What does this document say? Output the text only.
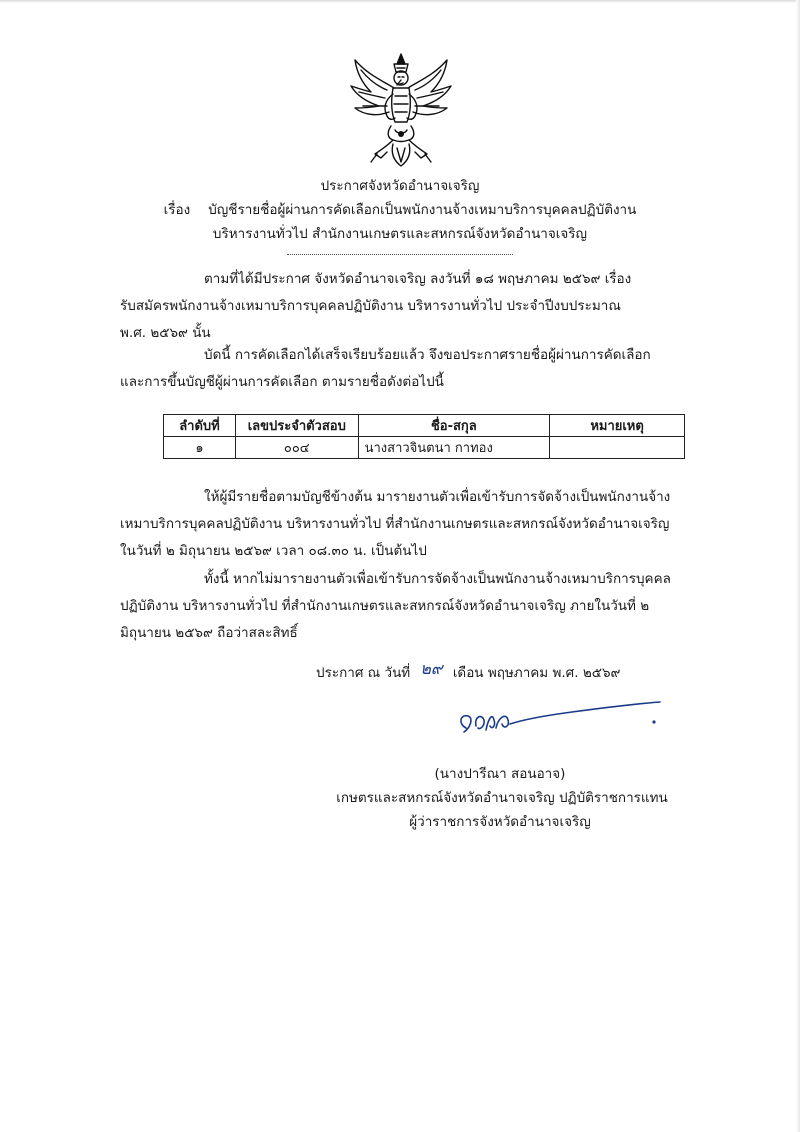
ประกาศจังหวัดอำนาจเจริญ
เรื่อง บัญชีรายชื่อผู้ผ่านการคัดเลือกเป็นพนักงานจ้างเหมาบริการบุคคลปฏิบัติงาน
บริหารงานทั่วไป สำนักงานเกษตรและสหกรณ์จังหวัดอำนาจเจริญ
ตามที่ได้มีประกาศ จังหวัดอำนาจเจริญ ลงวันที่ ๑๘ พฤษภาคม ๒๕๖๙ เรื่อง
รับสมัครพนักงานจ้างเหมาบริการบุคคลปฏิบัติงาน บริหารงานทั่วไป ประจำปีงบประมาณ
พ.ศ. ๒๕๖๙ นั้น
บัดนี้ การคัดเลือกได้เสร็จเรียบร้อยแล้ว จึงขอประกาศรายชื่อผู้ผ่านการคัดเลือก
และการขึ้นบัญชีผู้ผ่านการคัดเลือก ตามรายชื่อดังต่อไปนี้
ลำดับที่	เลขประจำตัวสอบ	ชื่อ-สกุล	หมายเหตุ
๑	๐๐๔	นางสาวจินตนา กาทอง	
ให้ผู้มีรายชื่อตามบัญชีข้างต้น มารายงานตัวเพื่อเข้ารับการจัดจ้างเป็นพนักงานจ้าง
เหมาบริการบุคคลปฏิบัติงาน บริหารงานทั่วไป ที่สำนักงานเกษตรและสหกรณ์จังหวัดอำนาจเจริญ
ในวันที่ ๒ มิถุนายน ๒๕๖๙ เวลา ๐๘.๓๐ น. เป็นต้นไป
ทั้งนี้ หากไม่มารายงานตัวเพื่อเข้ารับการจัดจ้างเป็นพนักงานจ้างเหมาบริการบุคคล
ปฏิบัติงาน บริหารงานทั่วไป ที่สำนักงานเกษตรและสหกรณ์จังหวัดอำนาจเจริญ ภายในวันที่ ๒
มิถุนายน ๒๕๖๙ ถือว่าสละสิทธิ์
ประกาศ ณ วันที่ ๒๙ เดือน พฤษภาคม พ.ศ. ๒๕๖๙
(นางปารีณา สอนอาจ)
เกษตรและสหกรณ์จังหวัดอำนาจเจริญ ปฏิบัติราชการแทน
ผู้ว่าราชการจังหวัดอำนาจเจริญ
